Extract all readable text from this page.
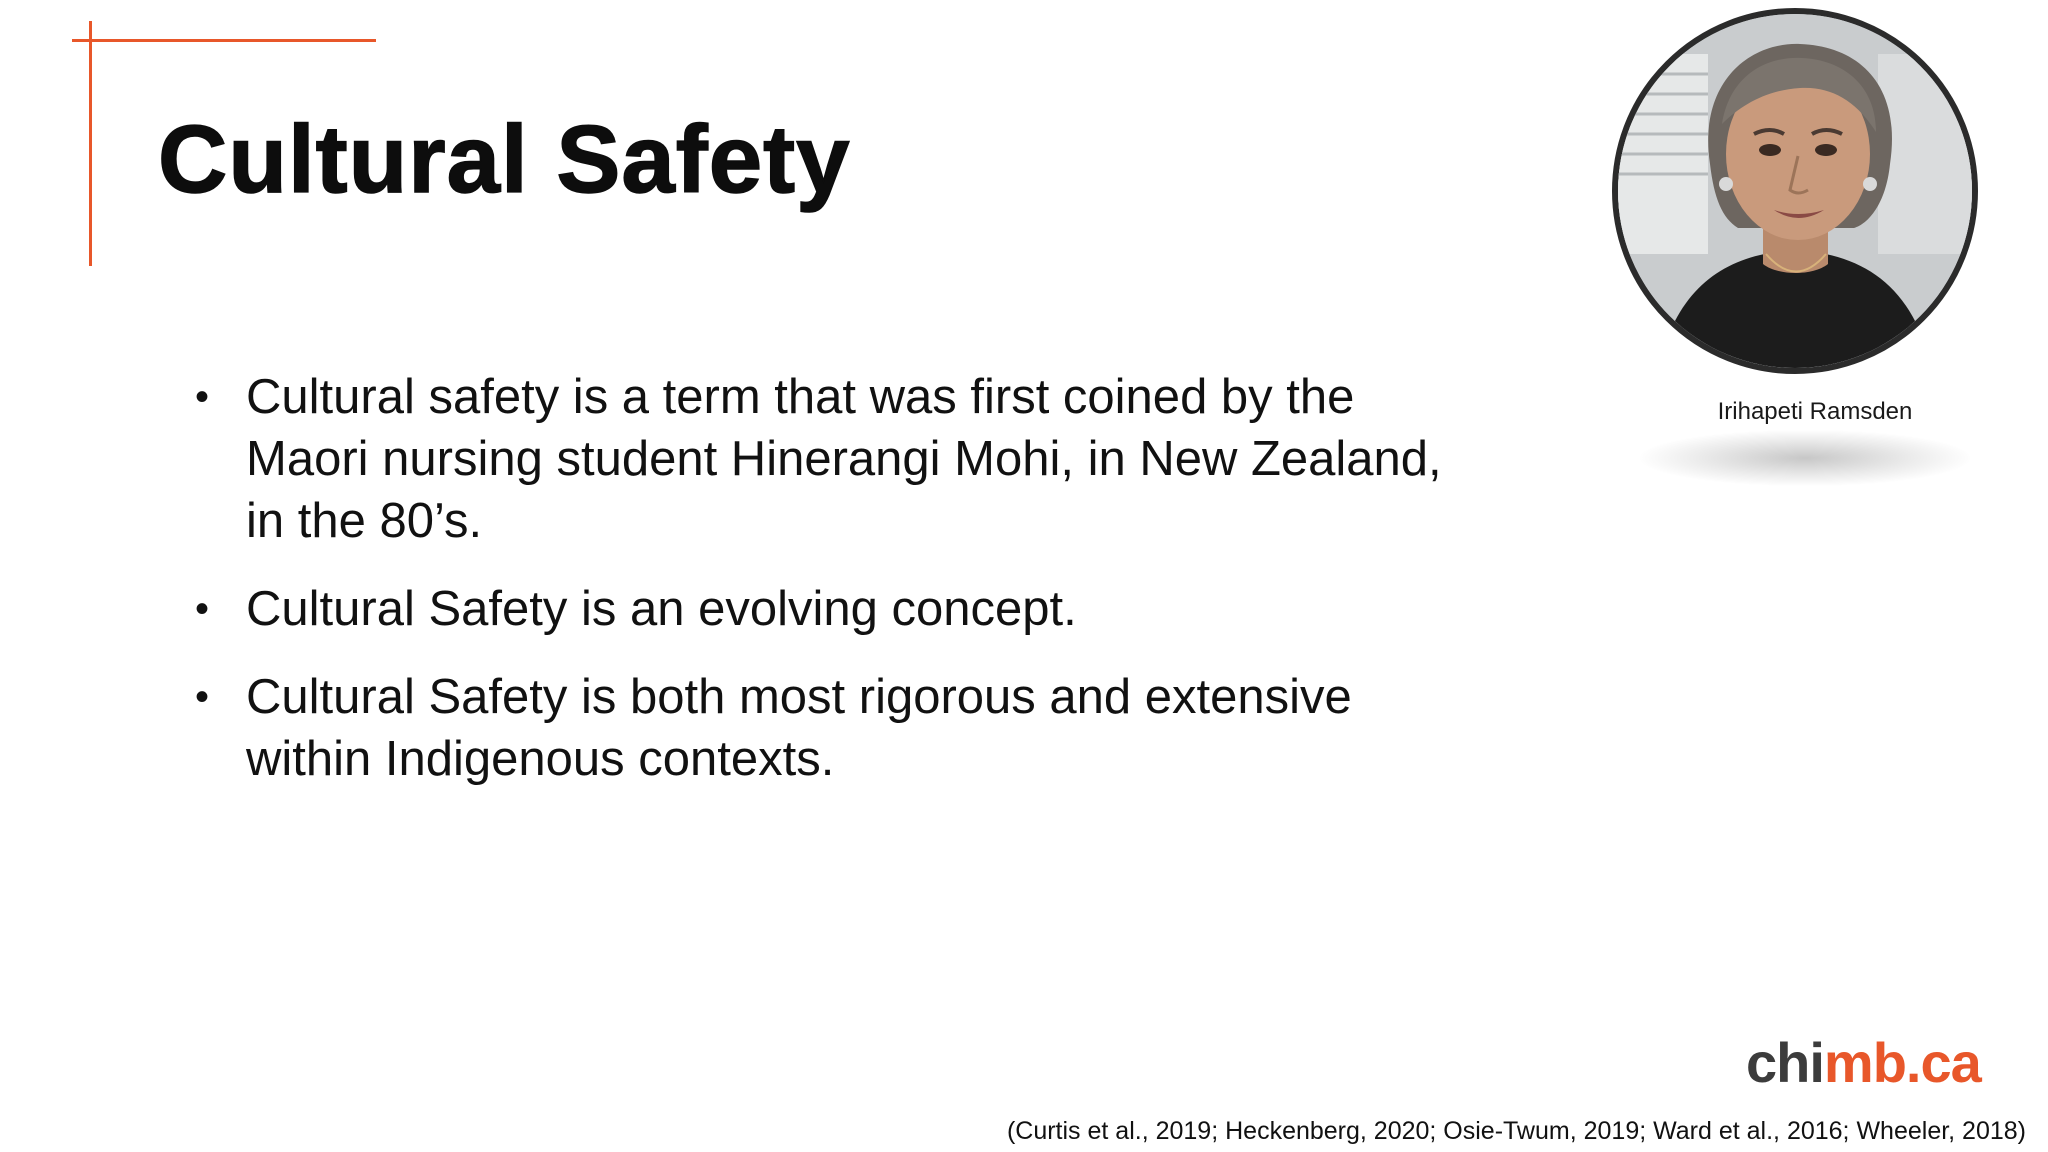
Cultural Safety
• Cultural safety is a term that was first coined by the Maori nursing student Hinerangi Mohi, in New Zealand, in the 80’s.
• Cultural Safety is an evolving concept.
• Cultural Safety is both most rigorous and extensive within Indigenous contexts.
Irihapeti Ramsden
chimb.ca
(Curtis et al., 2019; Heckenberg, 2020; Osie-Twum, 2019; Ward et al., 2016; Wheeler, 2018)
